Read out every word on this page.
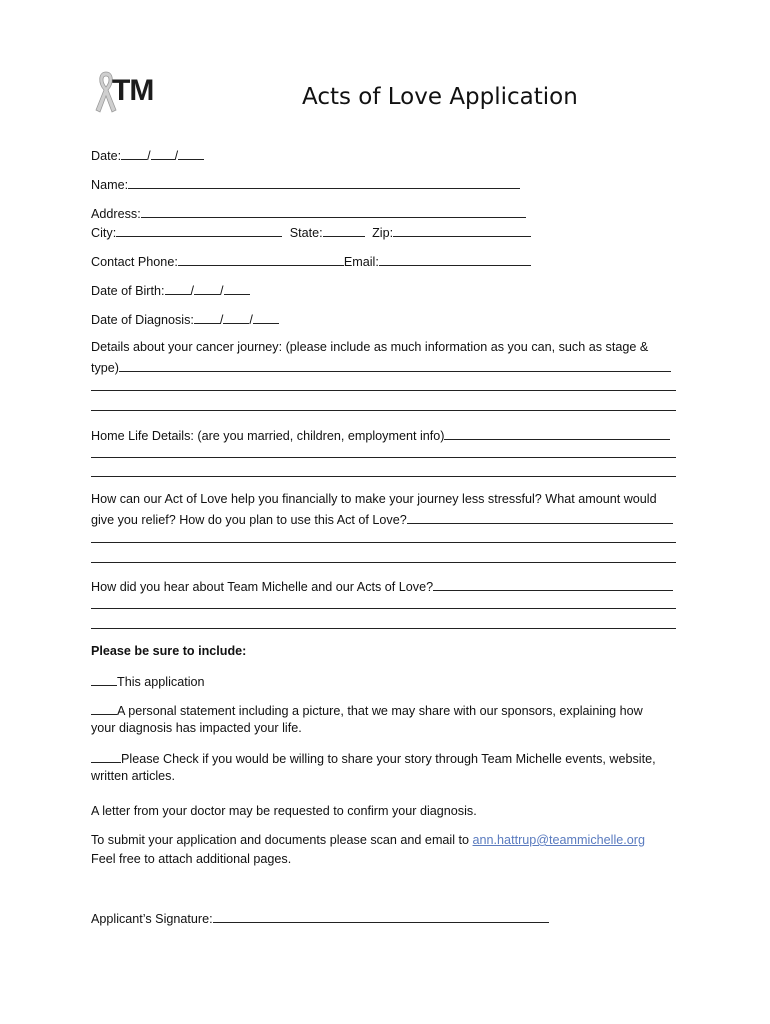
TM	Acts of Love Application
Date: / /
Name:
Address:
City:	State:	Zip:
Contact Phone:	Email:
Date of Birth: / /
Date of Diagnosis: / /
Details about your cancer journey: (please include as much information as you can, such as stage &
type)
Home Life Details: (are you married, children, employment info)
How can our Act of Love help you financially to make your journey less stressful? What amount would
give you relief? How do you plan to use this Act of Love?
How did you hear about Team Michelle and our Acts of Love?
Please be sure to include:
This application
A personal statement including a picture, that we may share with our sponsors, explaining how
your diagnosis has impacted your life.
Please Check if you would be willing to share your story through Team Michelle events, website,
written articles.
A letter from your doctor may be requested to confirm your diagnosis.
To submit your application and documents please scan and email to ann.hattrup@teammichelle.org
Feel free to attach additional pages.
Applicant’s Signature:
